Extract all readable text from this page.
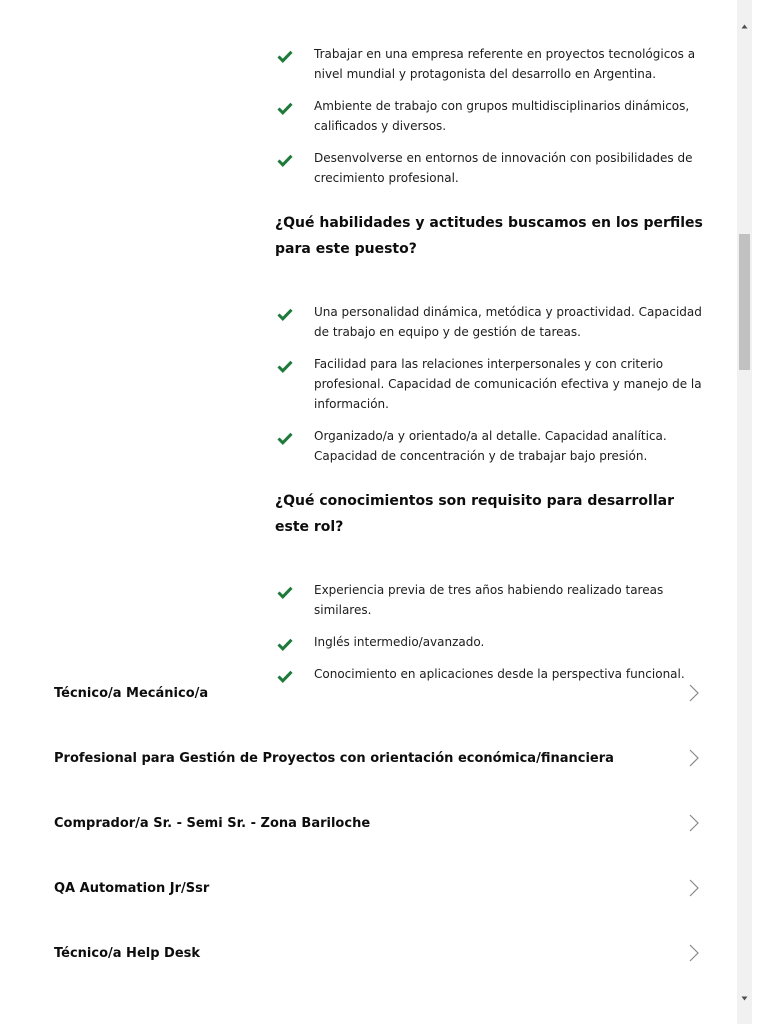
Trabajar en una empresa referente en proyectos tecnológicos a nivel mundial y protagonista del desarrollo en Argentina.
Ambiente de trabajo con grupos multidisciplinarios dinámicos, calificados y diversos.
Desenvolverse en entornos de innovación con posibilidades de crecimiento profesional.
¿Qué habilidades y actitudes buscamos en los perfiles para este puesto?
Una personalidad dinámica, metódica y proactividad. Capacidad de trabajo en equipo y de gestión de tareas.
Facilidad para las relaciones interpersonales y con criterio profesional. Capacidad de comunicación efectiva y manejo de la información.
Organizado/a y orientado/a al detalle. Capacidad analítica. Capacidad de concentración y de trabajar bajo presión.
¿Qué conocimientos son requisito para desarrollar este rol?
Experiencia previa de tres años habiendo realizado tareas similares.
Inglés intermedio/avanzado.
Conocimiento en aplicaciones desde la perspectiva funcional.
Técnico/a Mecánico/a
Profesional para Gestión de Proyectos con orientación económica/financiera
Comprador/a Sr. - Semi Sr. - Zona Bariloche
QA Automation Jr/Ssr
Técnico/a Help Desk
